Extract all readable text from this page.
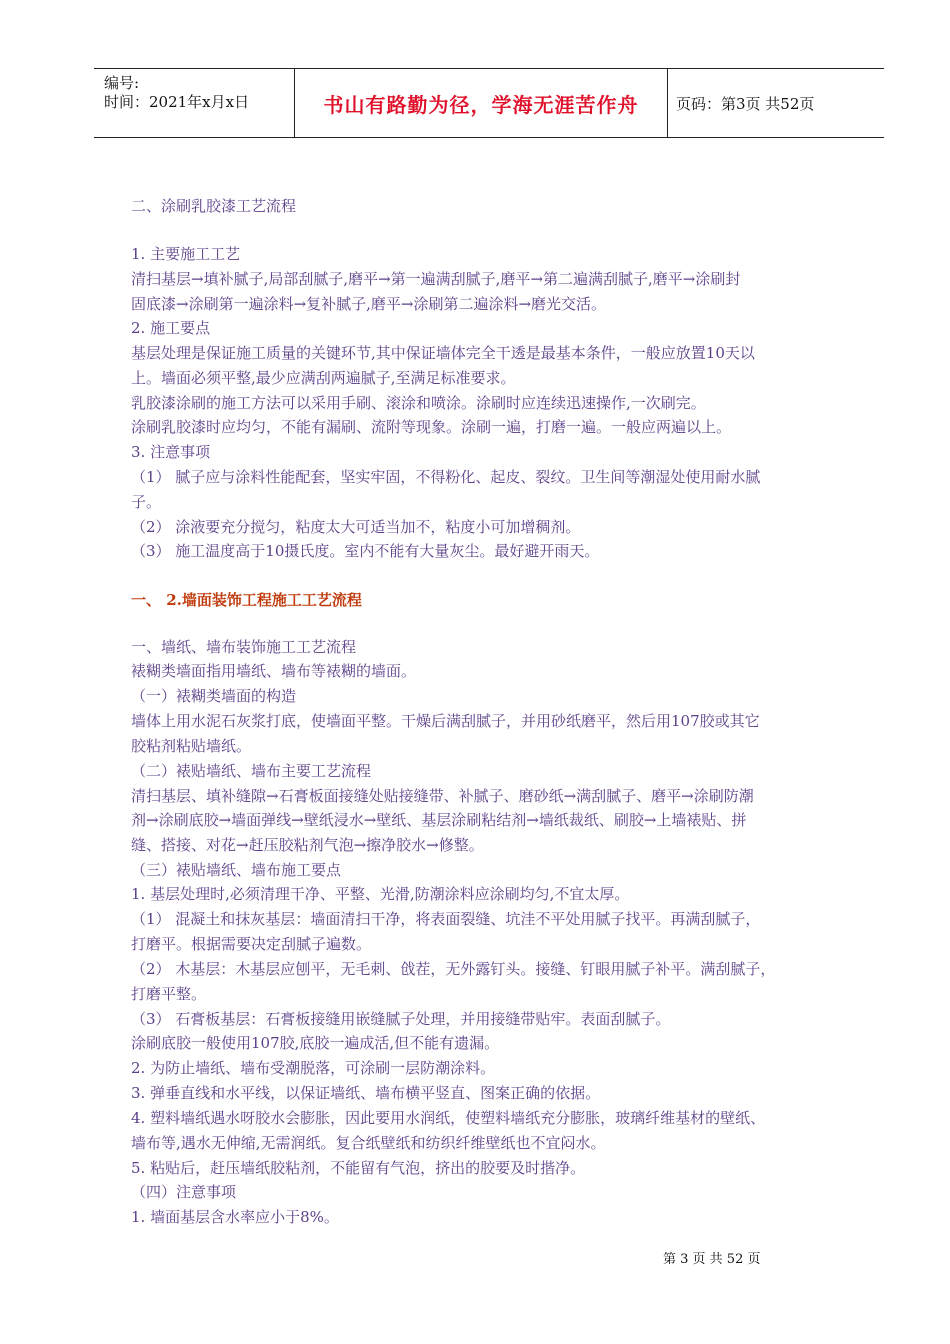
编号:
时间：2021年x月x日	书山有路勤为径，学海无涯苦作舟	页码：第3页 共52页
二、涂刷乳胶漆工艺流程
1. 主要施工工艺
清扫基层→填补腻子,局部刮腻子,磨平→第一遍满刮腻子,磨平→第二遍满刮腻子,磨平→涂刷封
固底漆→涂刷第一遍涂料→复补腻子,磨平→涂刷第二遍涂料→磨光交活。
2. 施工要点
基层处理是保证施工质量的关键环节,其中保证墙体完全干透是最基本条件，一般应放置10天以
上。墙面必须平整,最少应满刮两遍腻子,至满足标准要求。
乳胶漆涂刷的施工方法可以采用手刷、滚涂和喷涂。涂刷时应连续迅速操作,一次刷完。
涂刷乳胶漆时应均匀，不能有漏刷、流附等现象。涂刷一遍，打磨一遍。一般应两遍以上。
3. 注意事项
（1） 腻子应与涂料性能配套，坚实牢固，不得粉化、起皮、裂纹。卫生间等潮湿处使用耐水腻
子。
（2） 涂液要充分搅匀，粘度太大可适当加不，粘度小可加增稠剂。
（3） 施工温度高于10摄氏度。室内不能有大量灰尘。最好避开雨天。
一、 2.墙面装饰工程施工工艺流程
一、墙纸、墙布装饰施工工艺流程
裱糊类墙面指用墙纸、墙布等裱糊的墙面。
（一）裱糊类墙面的构造
墙体上用水泥石灰浆打底，使墙面平整。干燥后满刮腻子，并用砂纸磨平，然后用107胶或其它
胶粘剂粘贴墙纸。
（二）裱贴墙纸、墙布主要工艺流程
清扫基层、填补缝隙→石膏板面接缝处贴接缝带、补腻子、磨砂纸→满刮腻子、磨平→涂刷防潮
剂→涂刷底胶→墙面弹线→壁纸浸水→壁纸、基层涂刷粘结剂→墙纸裁纸、刷胶→上墙裱贴、拼
缝、搭接、对花→赶压胶粘剂气泡→擦净胶水→修整。
（三）裱贴墙纸、墙布施工要点
1. 基层处理时,必须清理干净、平整、光滑,防潮涂料应涂刷均匀,不宜太厚。
（1） 混凝土和抹灰基层：墙面清扫干净，将表面裂缝、坑洼不平处用腻子找平。再满刮腻子，
打磨平。根据需要决定刮腻子遍数。
（2） 木基层：木基层应刨平，无毛刺、戗茬，无外露钉头。接缝、钉眼用腻子补平。满刮腻子，
打磨平整。
（3） 石膏板基层：石膏板接缝用嵌缝腻子处理，并用接缝带贴牢。表面刮腻子。
涂刷底胶一般使用107胶,底胶一遍成活,但不能有遗漏。
2. 为防止墙纸、墙布受潮脱落，可涂刷一层防潮涂料。
3. 弹垂直线和水平线，以保证墙纸、墙布横平竖直、图案正确的依据。
4. 塑料墙纸遇水呀胶水会膨胀，因此要用水润纸，使塑料墙纸充分膨胀，玻璃纤维基材的壁纸、
墙布等,遇水无伸缩,无需润纸。复合纸壁纸和纺织纤维壁纸也不宜闷水。
5. 粘贴后，赶压墙纸胶粘剂，不能留有气泡，挤出的胶要及时揩净。
（四）注意事项
1. 墙面基层含水率应小于8%。
第 3 页 共 52 页
